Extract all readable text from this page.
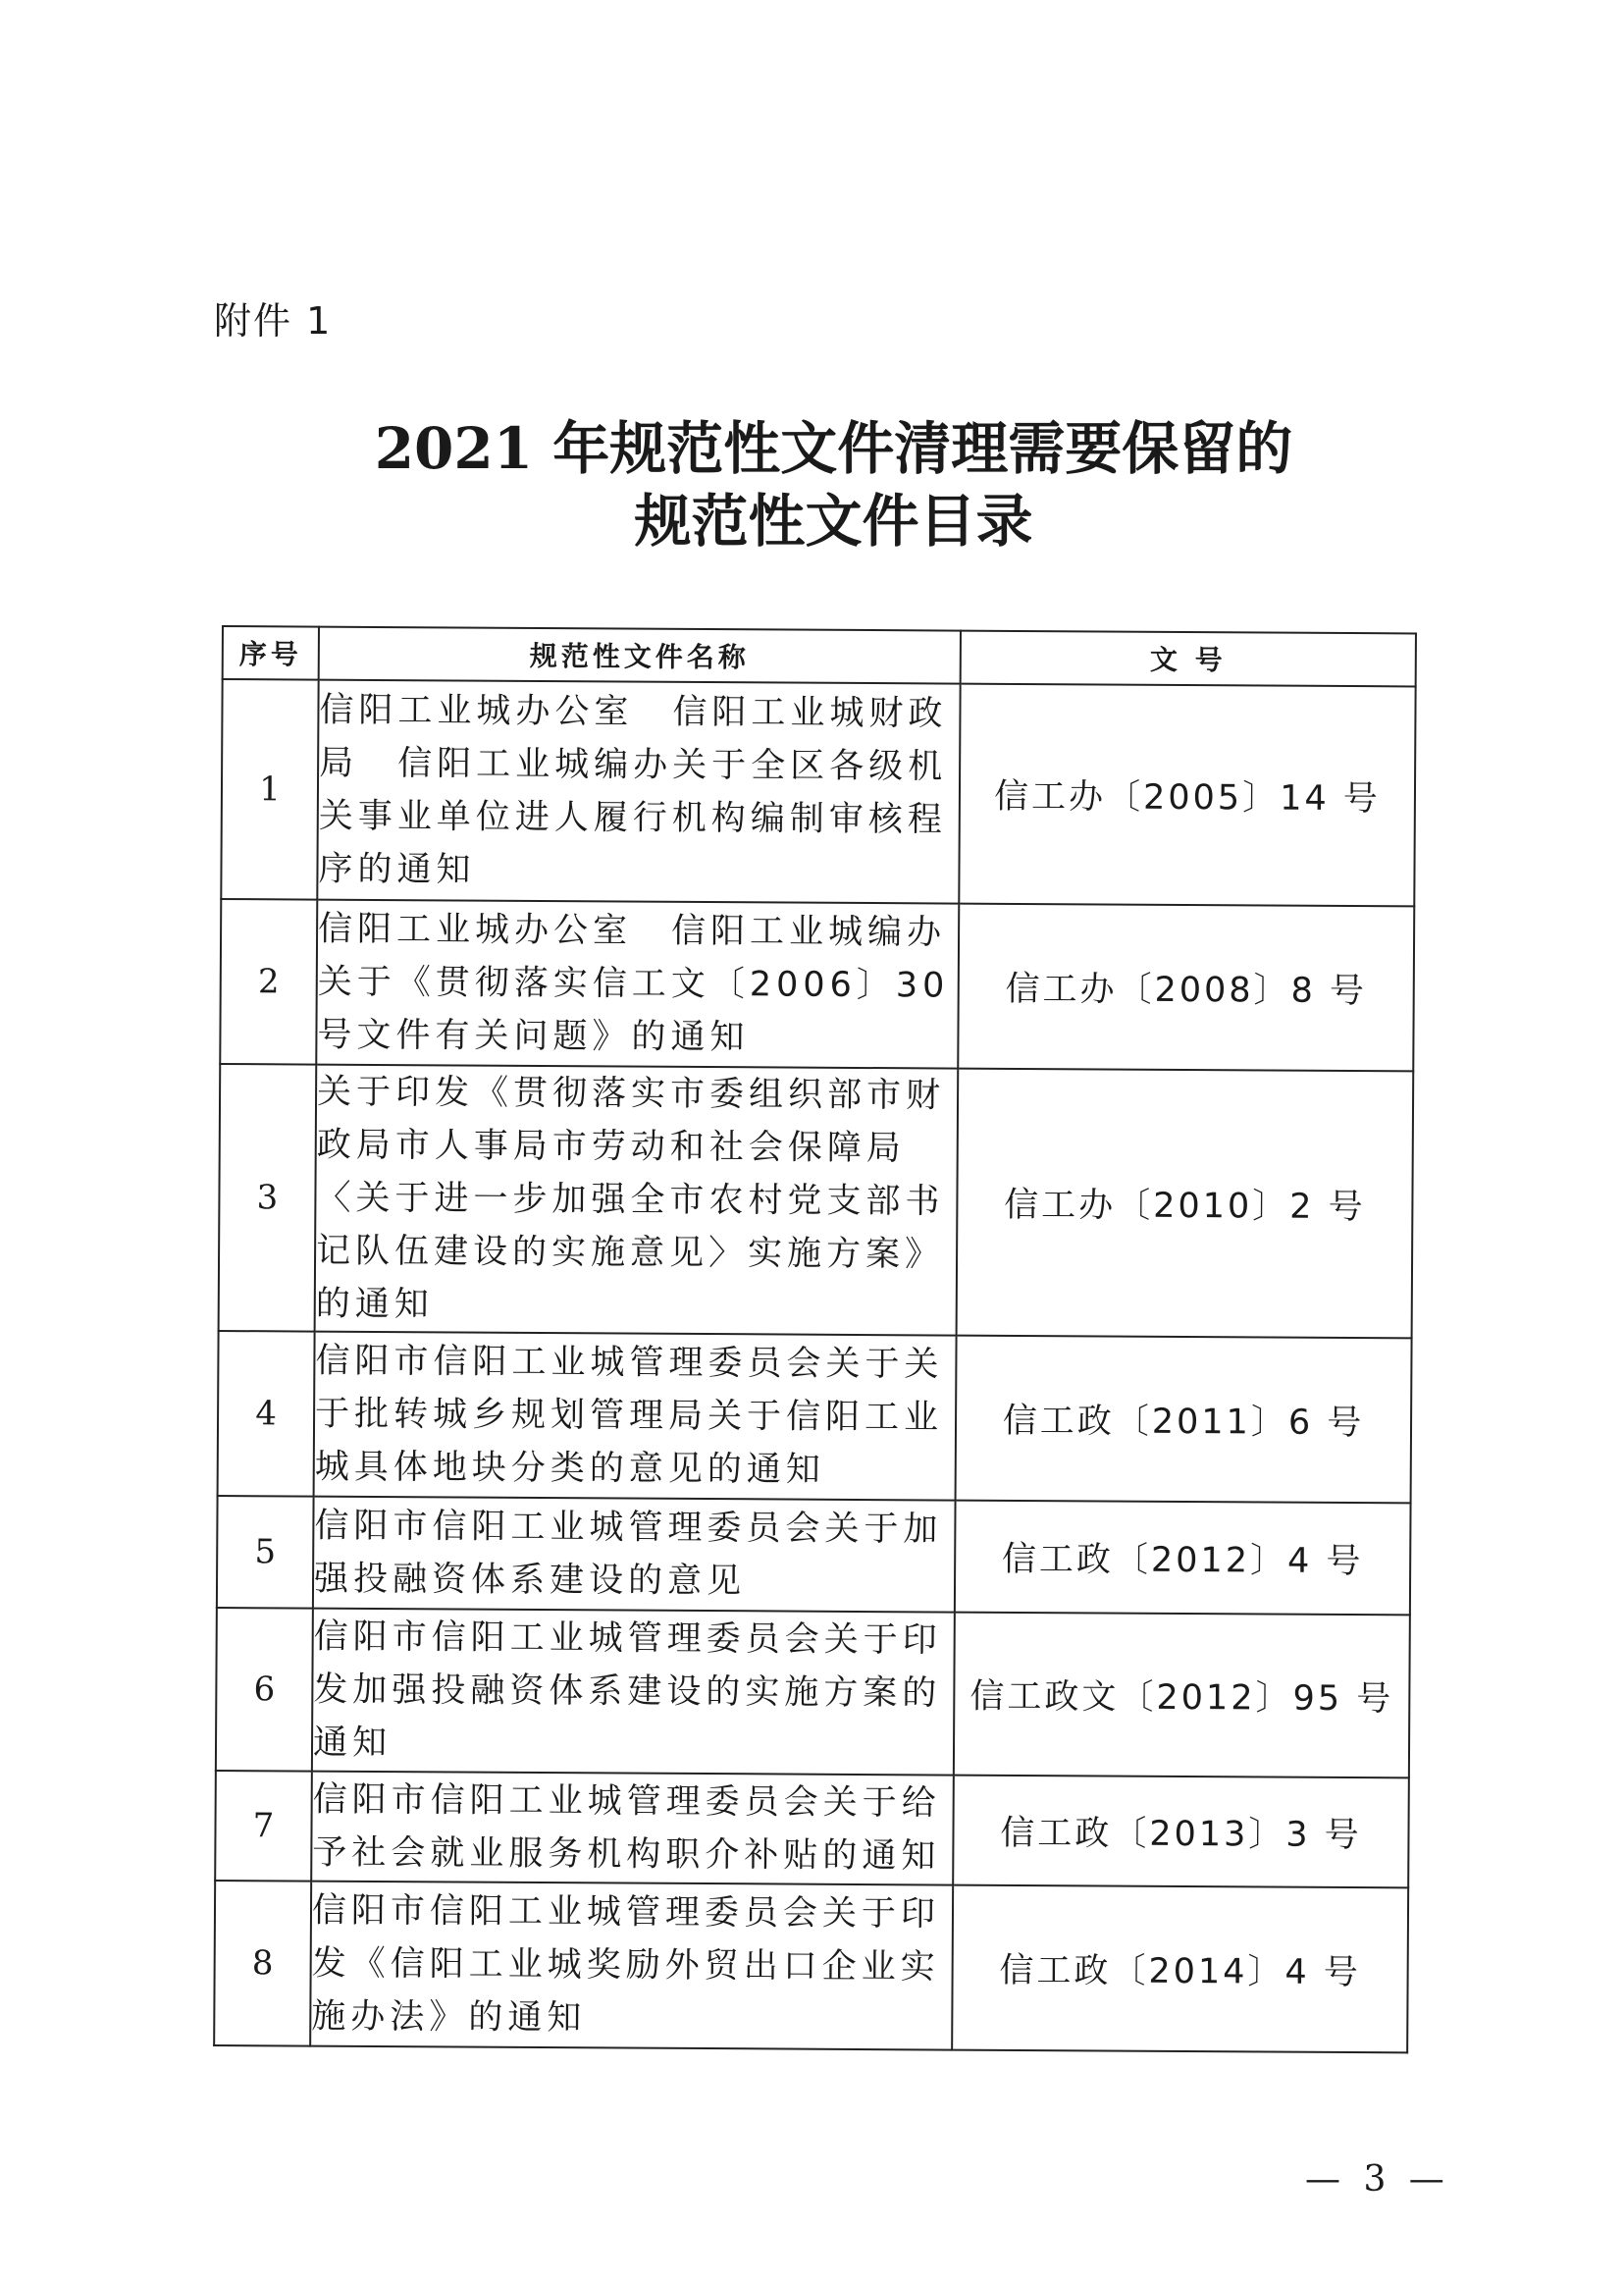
附件 1
2021 年规范性文件清理需要保留的
规范性文件目录
序号	规范性文件名称	文 号
1	信阳工业城办公室　信阳工业城财政局　信阳工业城编办关于全区各级机关事业单位进人履行机构编制审核程序的通知	信工办〔2005〕14 号
2	信阳工业城办公室　信阳工业城编办关于《贯彻落实信工文〔2006〕30 号文件有关问题》的通知	信工办〔2008〕8 号
3	关于印发《贯彻落实市委组织部市财政局市人事局市劳动和社会保障局〈关于进一步加强全市农村党支部书记队伍建设的实施意见〉实施方案》的通知	信工办〔2010〕2 号
4	信阳市信阳工业城管理委员会关于关于批转城乡规划管理局关于信阳工业城具体地块分类的意见的通知	信工政〔2011〕6 号
5	信阳市信阳工业城管理委员会关于加强投融资体系建设的意见	信工政〔2012〕4 号
6	信阳市信阳工业城管理委员会关于印发加强投融资体系建设的实施方案的通知	信工政文〔2012〕95 号
7	信阳市信阳工业城管理委员会关于给予社会就业服务机构职介补贴的通知	信工政〔2013〕3 号
8	信阳市信阳工业城管理委员会关于印发《信阳工业城奖励外贸出口企业实施办法》的通知	信工政〔2014〕4 号
— 3 —
